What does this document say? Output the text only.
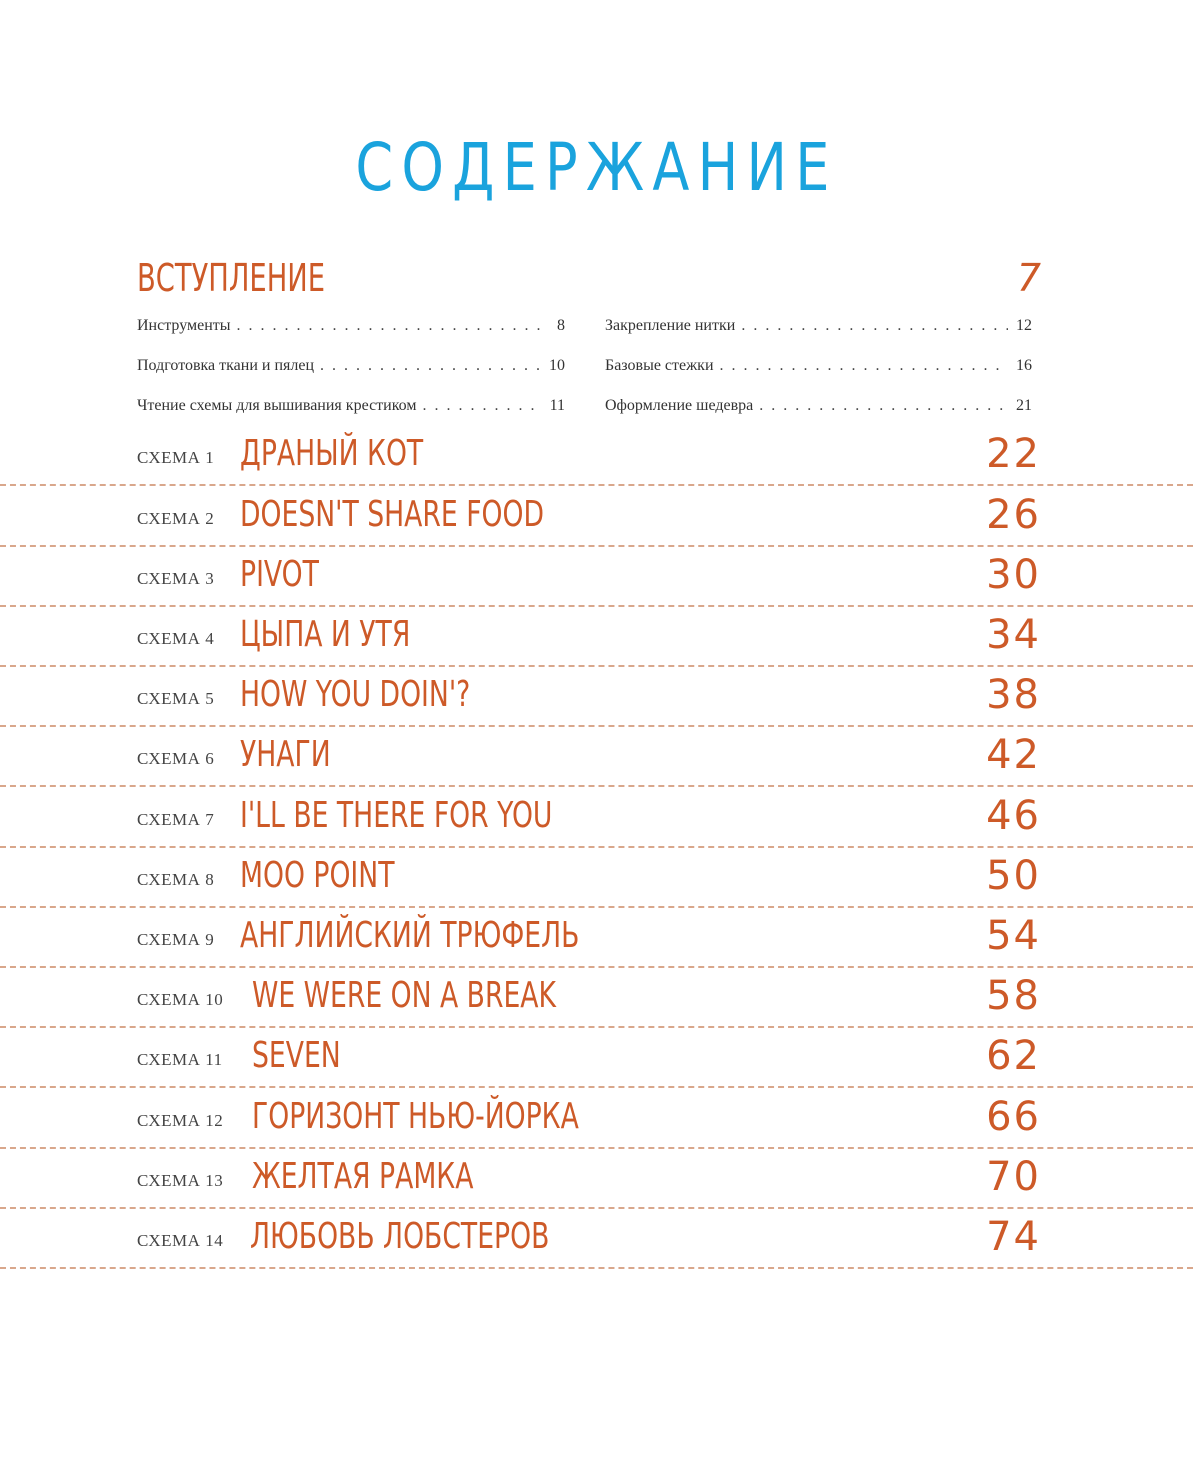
СОДЕРЖАНИЕ
ВСТУПЛЕНИЕ	7
Инструменты . . .	8
Подготовка ткани и пялец . . .	10
Чтение схемы для вышивания крестиком . . .	11
Закрепление нитки . . .	12
Базовые стежки . . .	16
Оформление шедевра . . .	21
СХЕМА 1 ДРАНЫЙ КОТ	22
СХЕМА 2 DOESN'T SHARE FOOD	26
СХЕМА 3 PIVOT	30
СХЕМА 4 ЦЫПА И УТЯ	34
СХЕМА 5 HOW YOU DOIN'?	38
СХЕМА 6 УНАГИ	42
СХЕМА 7 I'LL BE THERE FOR YOU	46
СХЕМА 8 MOO POINT	50
СХЕМА 9 АНГЛИЙСКИЙ ТРЮФЕЛЬ	54
СХЕМА 10 WE WERE ON A BREAK	58
СХЕМА 11 SEVEN	62
СХЕМА 12 ГОРИЗОНТ НЬЮ-ЙОРКА	66
СХЕМА 13 ЖЕЛТАЯ РАМКА	70
СХЕМА 14 ЛЮБОВЬ ЛОБСТЕРОВ	74
